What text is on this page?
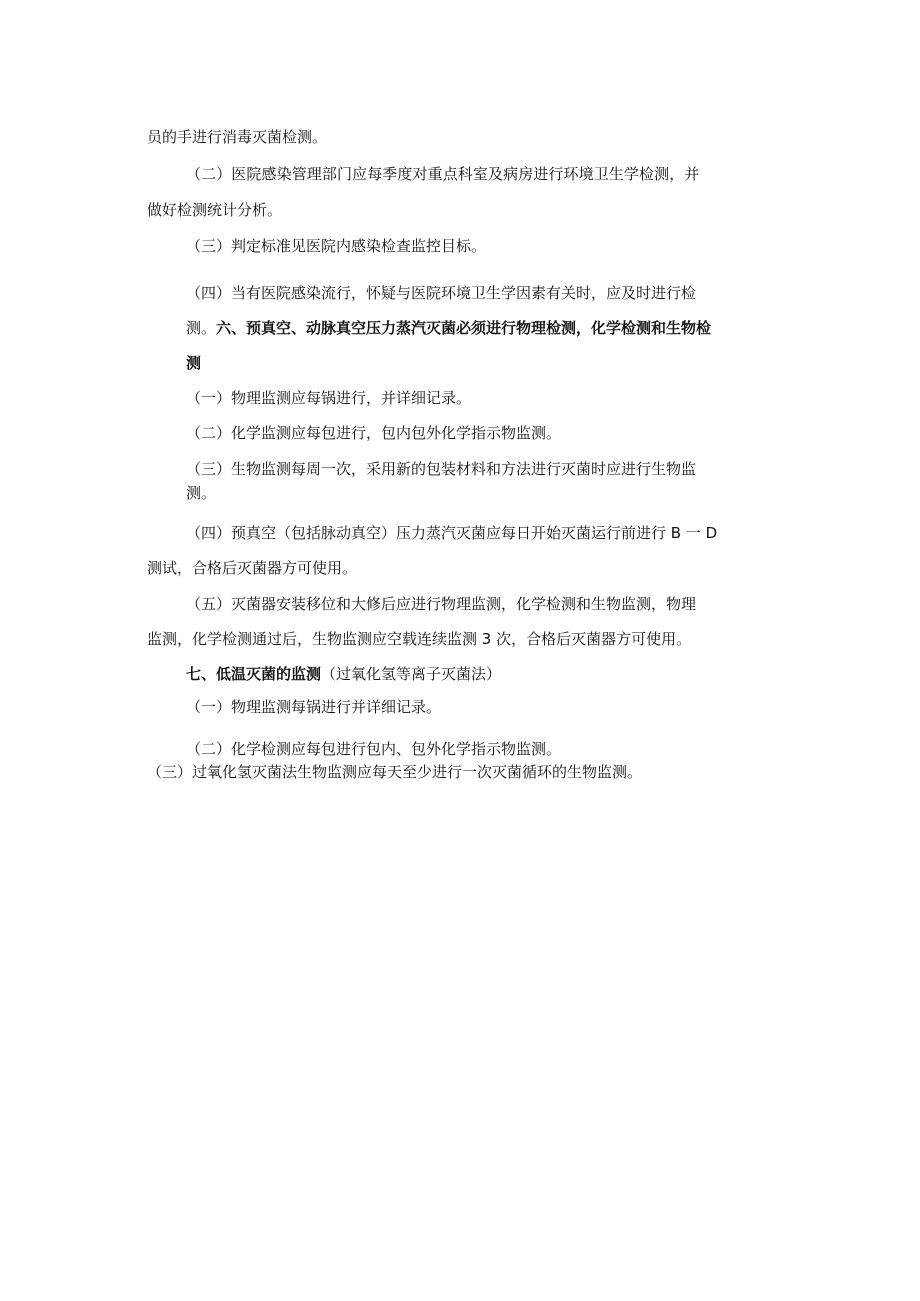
员的手进行消毒灭菌检测。
（二）医院感染管理部门应每季度对重点科室及病房进行环境卫生学检测，并
做好检测统计分析。
（三）判定标准见医院内感染检查监控目标。
（四）当有医院感染流行，怀疑与医院环境卫生学因素有关时，应及时进行检
测。六、预真空、动脉真空压力蒸汽灭菌必须进行物理检测，化学检测和生物检
测
（一）物理监测应每锅进行，并详细记录。
（二）化学监测应每包进行，包内包外化学指示物监测。
（三）生物监测每周一次，采用新的包装材料和方法进行灭菌时应进行生物监
测。
（四）预真空（包括脉动真空）压力蒸汽灭菌应每日开始灭菌运行前进行 B 一 D
测试，合格后灭菌器方可使用。
（五）灭菌器安装移位和大修后应进行物理监测，化学检测和生物监测，物理
监测，化学检测通过后，生物监测应空载连续监测 3 次，合格后灭菌器方可使用。
七、低温灭菌的监测（过氧化氢等离子灭菌法）
（一）物理监测每锅进行并详细记录。
（二）化学检测应每包进行包内、包外化学指示物监测。
（三）过氧化氢灭菌法生物监测应每天至少进行一次灭菌循环的生物监测。
